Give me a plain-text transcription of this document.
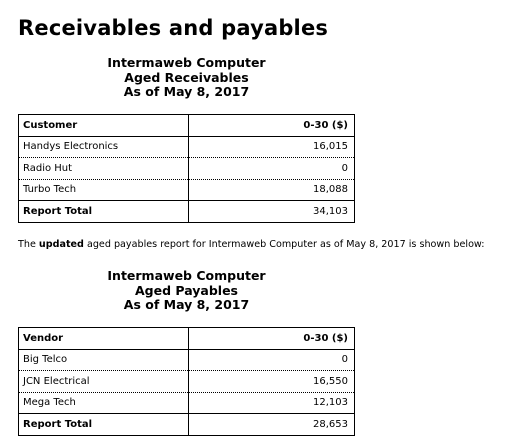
Receivables and payables
Intermaweb Computer
Aged Receivables
As of May 8, 2017
Customer	0-30 ($)
Handys Electronics	16,015
Radio Hut	0
Turbo Tech	18,088
Report Total	34,103

The updated aged payables report for Intermaweb Computer as of May 8, 2017 is shown below:

Intermaweb Computer
Aged Payables
As of May 8, 2017
Vendor	0-30 ($)
Big Telco	0
JCN Electrical	16,550
Mega Tech	12,103
Report Total	28,653
